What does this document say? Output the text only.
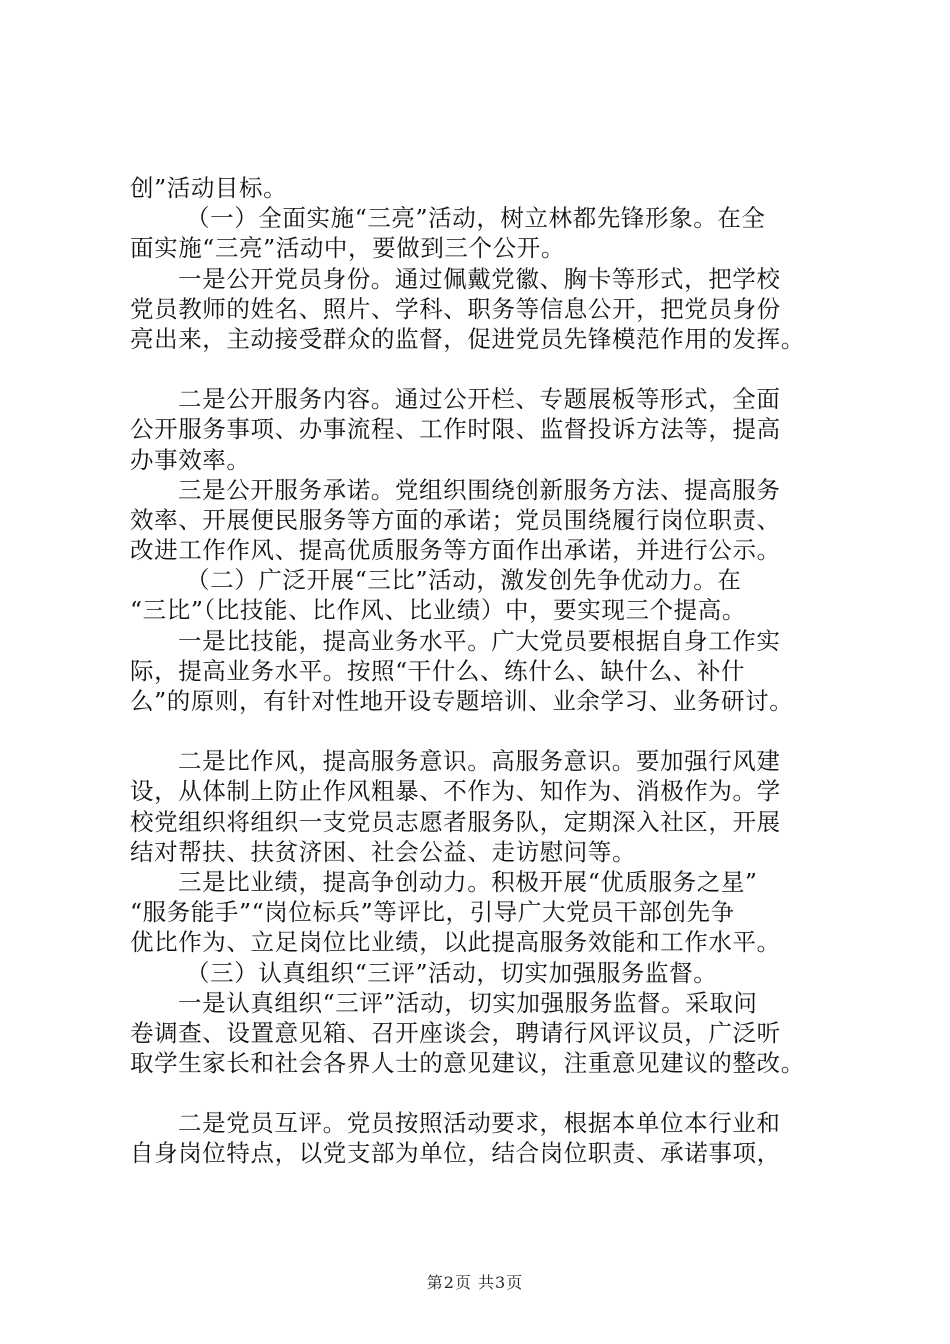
创”活动目标。
（一）全面实施“三亮”活动，树立林都先锋形象。在全
面实施“三亮”活动中，要做到三个公开。
一是公开党员身份。通过佩戴党徽、胸卡等形式，把学校
党员教师的姓名、照片、学科、职务等信息公开，把党员身份
亮出来，主动接受群众的监督，促进党员先锋模范作用的发挥。
二是公开服务内容。通过公开栏、专题展板等形式，全面
公开服务事项、办事流程、工作时限、监督投诉方法等，提高
办事效率。
三是公开服务承诺。党组织围绕创新服务方法、提高服务
效率、开展便民服务等方面的承诺；党员围绕履行岗位职责、
改进工作作风、提高优质服务等方面作出承诺，并进行公示。
（二）广泛开展“三比”活动，激发创先争优动力。在
“三比”（比技能、比作风、比业绩）中，要实现三个提高。
一是比技能，提高业务水平。广大党员要根据自身工作实
际，提高业务水平。按照“干什么、练什么、缺什么、补什
么”的原则，有针对性地开设专题培训、业余学习、业务研讨。
二是比作风，提高服务意识。高服务意识。要加强行风建
设，从体制上防止作风粗暴、不作为、知作为、消极作为。学
校党组织将组织一支党员志愿者服务队，定期深入社区，开展
结对帮扶、扶贫济困、社会公益、走访慰问等。
三是比业绩，提高争创动力。积极开展“优质服务之星”
“服务能手”“岗位标兵”等评比，引导广大党员干部创先争
优比作为、立足岗位比业绩，以此提高服务效能和工作水平。
（三）认真组织“三评”活动，切实加强服务监督。
一是认真组织“三评”活动，切实加强服务监督。采取问
卷调查、设置意见箱、召开座谈会，聘请行风评议员，广泛听
取学生家长和社会各界人士的意见建议，注重意见建议的整改。
二是党员互评。党员按照活动要求，根据本单位本行业和
自身岗位特点，以党支部为单位，结合岗位职责、承诺事项，
第2页 共3页
